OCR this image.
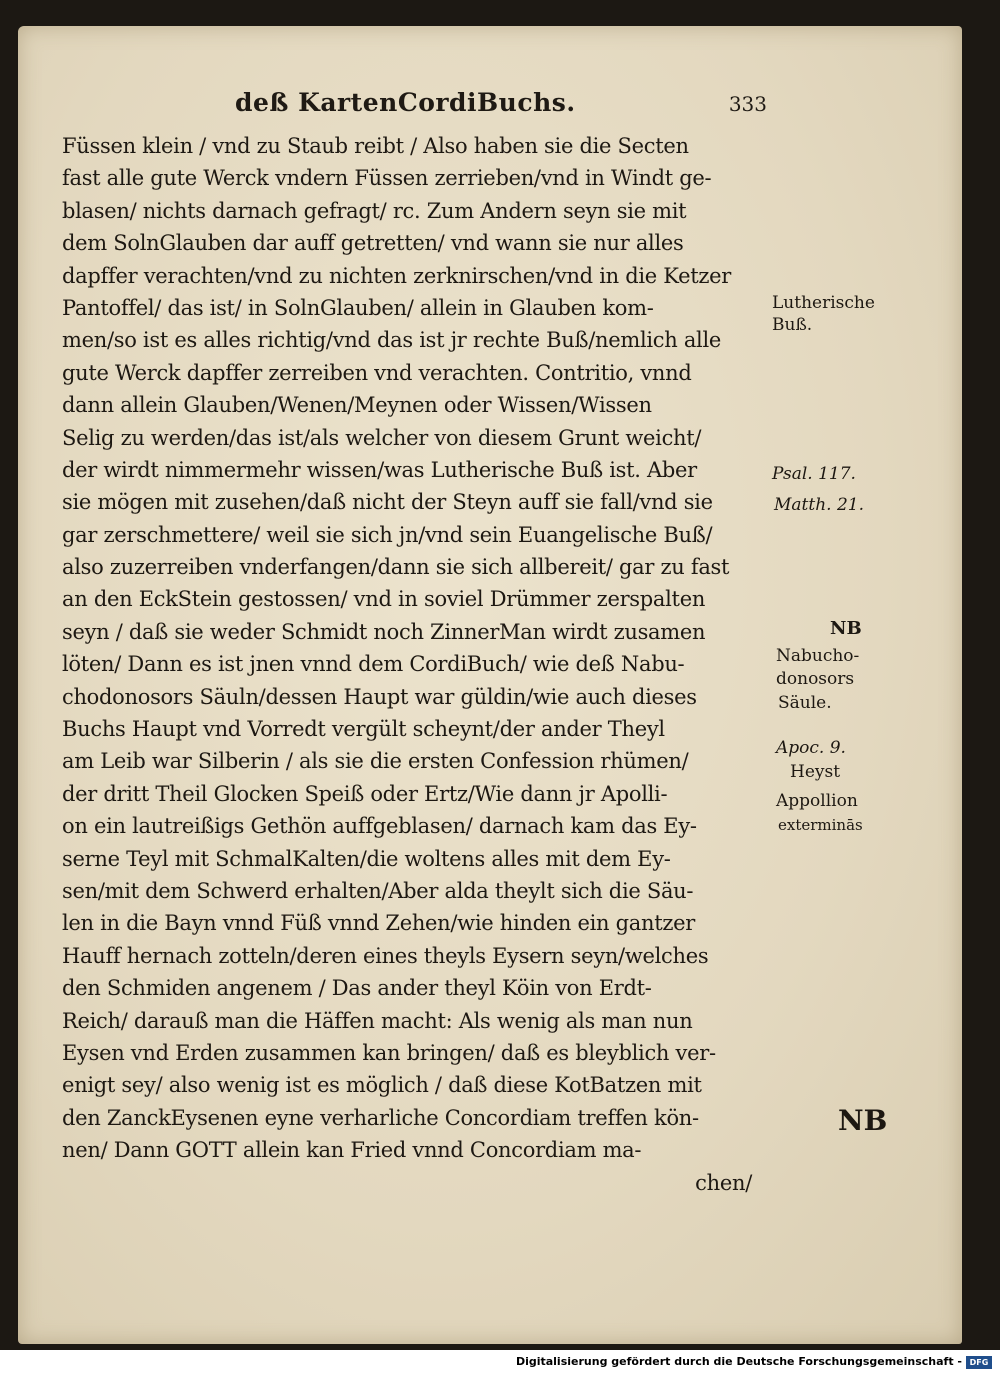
deß KartenCordiBuchs.	333
Füssen klein / vnd zu Staub reibt / Also haben sie die Secten
fast alle gute Werck vndern Füssen zerrieben/vnd in Windt ge-
blasen/ nichts darnach gefragt/ rc. Zum Andern seyn sie mit
dem SolnGlauben dar auff getretten/ vnd wann sie nur alles
dapffer verachten/vnd zu nichten zerknirschen/vnd in die Ketzer
Pantoffel/ das ist/ in SolnGlauben/ allein in Glauben kom-
men/so ist es alles richtig/vnd das ist jr rechte Buß/nemlich alle
gute Werck dapffer zerreiben vnd verachten. Contritio, vnnd
dann allein Glauben/Wenen/Meynen oder Wissen/Wissen
Selig zu werden/das ist/als welcher von diesem Grunt weicht/
der wirdt nimmermehr wissen/was Lutherische Buß ist. Aber
sie mögen mit zusehen/daß nicht der Steyn auff sie fall/vnd sie
gar zerschmettere/ weil sie sich jn/vnd sein Euangelische Buß/
also zuzerreiben vnderfangen/dann sie sich allbereit/ gar zu fast
an den EckStein gestossen/ vnd in soviel Drümmer zerspalten
seyn / daß sie weder Schmidt noch ZinnerMan wirdt zusamen
löten/ Dann es ist jnen vnnd dem CordiBuch/ wie deß Nabu-
chodonosors Säuln/dessen Haupt war güldin/wie auch dieses
Buchs Haupt vnd Vorredt vergült scheynt/der ander Theyl
am Leib war Silberin / als sie die ersten Confession rhümen/
der dritt Theil Glocken Speiß oder Ertz/Wie dann jr Apolli-
on ein lautreißigs Gethön auffgeblasen/ darnach kam das Ey-
serne Teyl mit SchmalKalten/die woltens alles mit dem Ey-
sen/mit dem Schwerd erhalten/Aber alda theylt sich die Säu-
len in die Bayn vnnd Füß vnnd Zehen/wie hinden ein gantzer
Hauff hernach zotteln/deren eines theyls Eysern seyn/welches
den Schmiden angenem / Das ander theyl Köin von Erdt-
Reich/ darauß man die Häffen macht: Als wenig als man nun
Eysen vnd Erden zusammen kan bringen/ daß es bleyblich ver-
enigt sey/ also wenig ist es möglich / daß diese KotBatzen mit
den ZanckEysenen eyne verharliche Concordiam treffen kön-
nen/ Dann GOTT allein kan Fried vnnd Concordiam ma-
chen/
Lutherische
Buß.
Psal. 117.
Matth. 21.
NB
Nabucho-
donosors
Säule.
Apoc. 9.
Heyst
Appollion
exterminās
NB
Digitalisierung gefördert durch die Deutsche Forschungsgemeinschaft - DFG
